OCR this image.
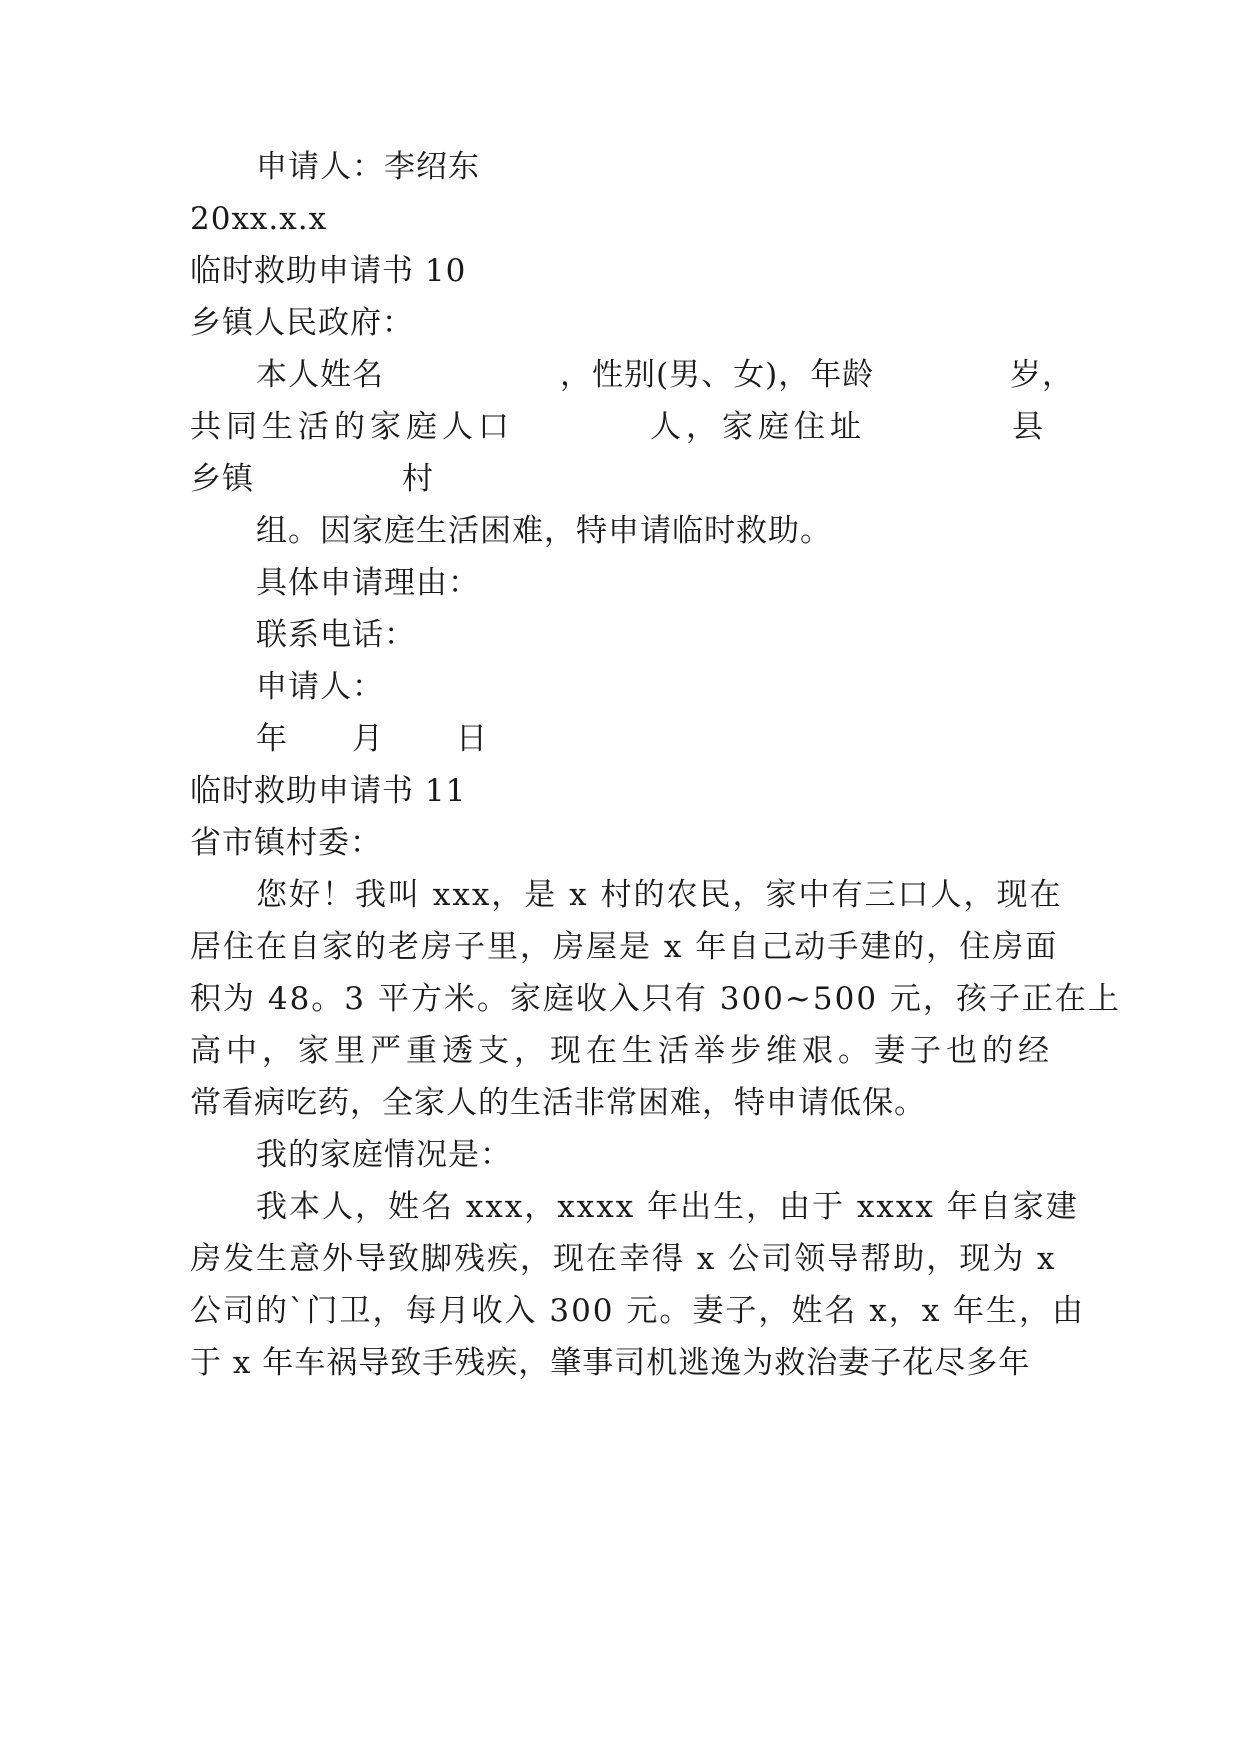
申请人：李绍东
20xx.x.x
临时救助申请书 10
乡镇人民政府：
本人姓名	，性别(男、女)，年龄	岁，
共同生活的家庭人口	人，家庭住址	县
乡镇	村
组。因家庭生活困难，特申请临时救助。
具体申请理由：
联系电话：
申请人：
年 月 日
临时救助申请书 11
省市镇村委：
您好！我叫 xxx，是 x 村的农民，家中有三口人，现在
居住在自家的老房子里，房屋是 x 年自己动手建的，住房面
积为 48。3 平方米。家庭收入只有 300~500 元，孩子正在上
高中，家里严重透支，现在生活举步维艰。妻子也的经
常看病吃药，全家人的生活非常困难，特申请低保。
我的家庭情况是：
我本人，姓名 xxx，xxxx 年出生，由于 xxxx 年自家建
房发生意外导致脚残疾，现在幸得 x 公司领导帮助，现为 x
公司的`门卫，每月收入 300 元。妻子，姓名 x，x 年生，由
于 x 年车祸导致手残疾，肇事司机逃逸为救治妻子花尽多年
